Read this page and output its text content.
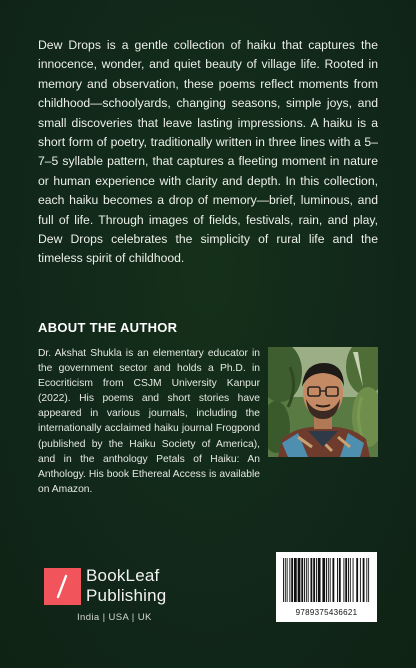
Dew Drops is a gentle collection of haiku that captures the innocence, wonder, and quiet beauty of village life. Rooted in memory and observation, these poems reflect moments from childhood—schoolyards, changing seasons, simple joys, and small discoveries that leave lasting impressions. A haiku is a short form of poetry, traditionally written in three lines with a 5–7–5 syllable pattern, that captures a fleeting moment in nature or human experience with clarity and depth. In this collection, each haiku becomes a drop of memory—brief, luminous, and full of life. Through images of fields, festivals, rain, and play, Dew Drops celebrates the simplicity of rural life and the timeless spirit of childhood.

ABOUT THE AUTHOR

Dr. Akshat Shukla is an elementary educator in the government sector and holds a Ph.D. in Ecocriticism from CSJM University Kanpur (2022). His poems and short stories have appeared in various journals, including the internationally acclaimed haiku journal Frogpond (published by the Haiku Society of America), and in the anthology Petals of Haiku: An Anthology. His book Ethereal Access is available on Amazon.

BookLeaf
Publishing
India | USA | UK	9789375436621
